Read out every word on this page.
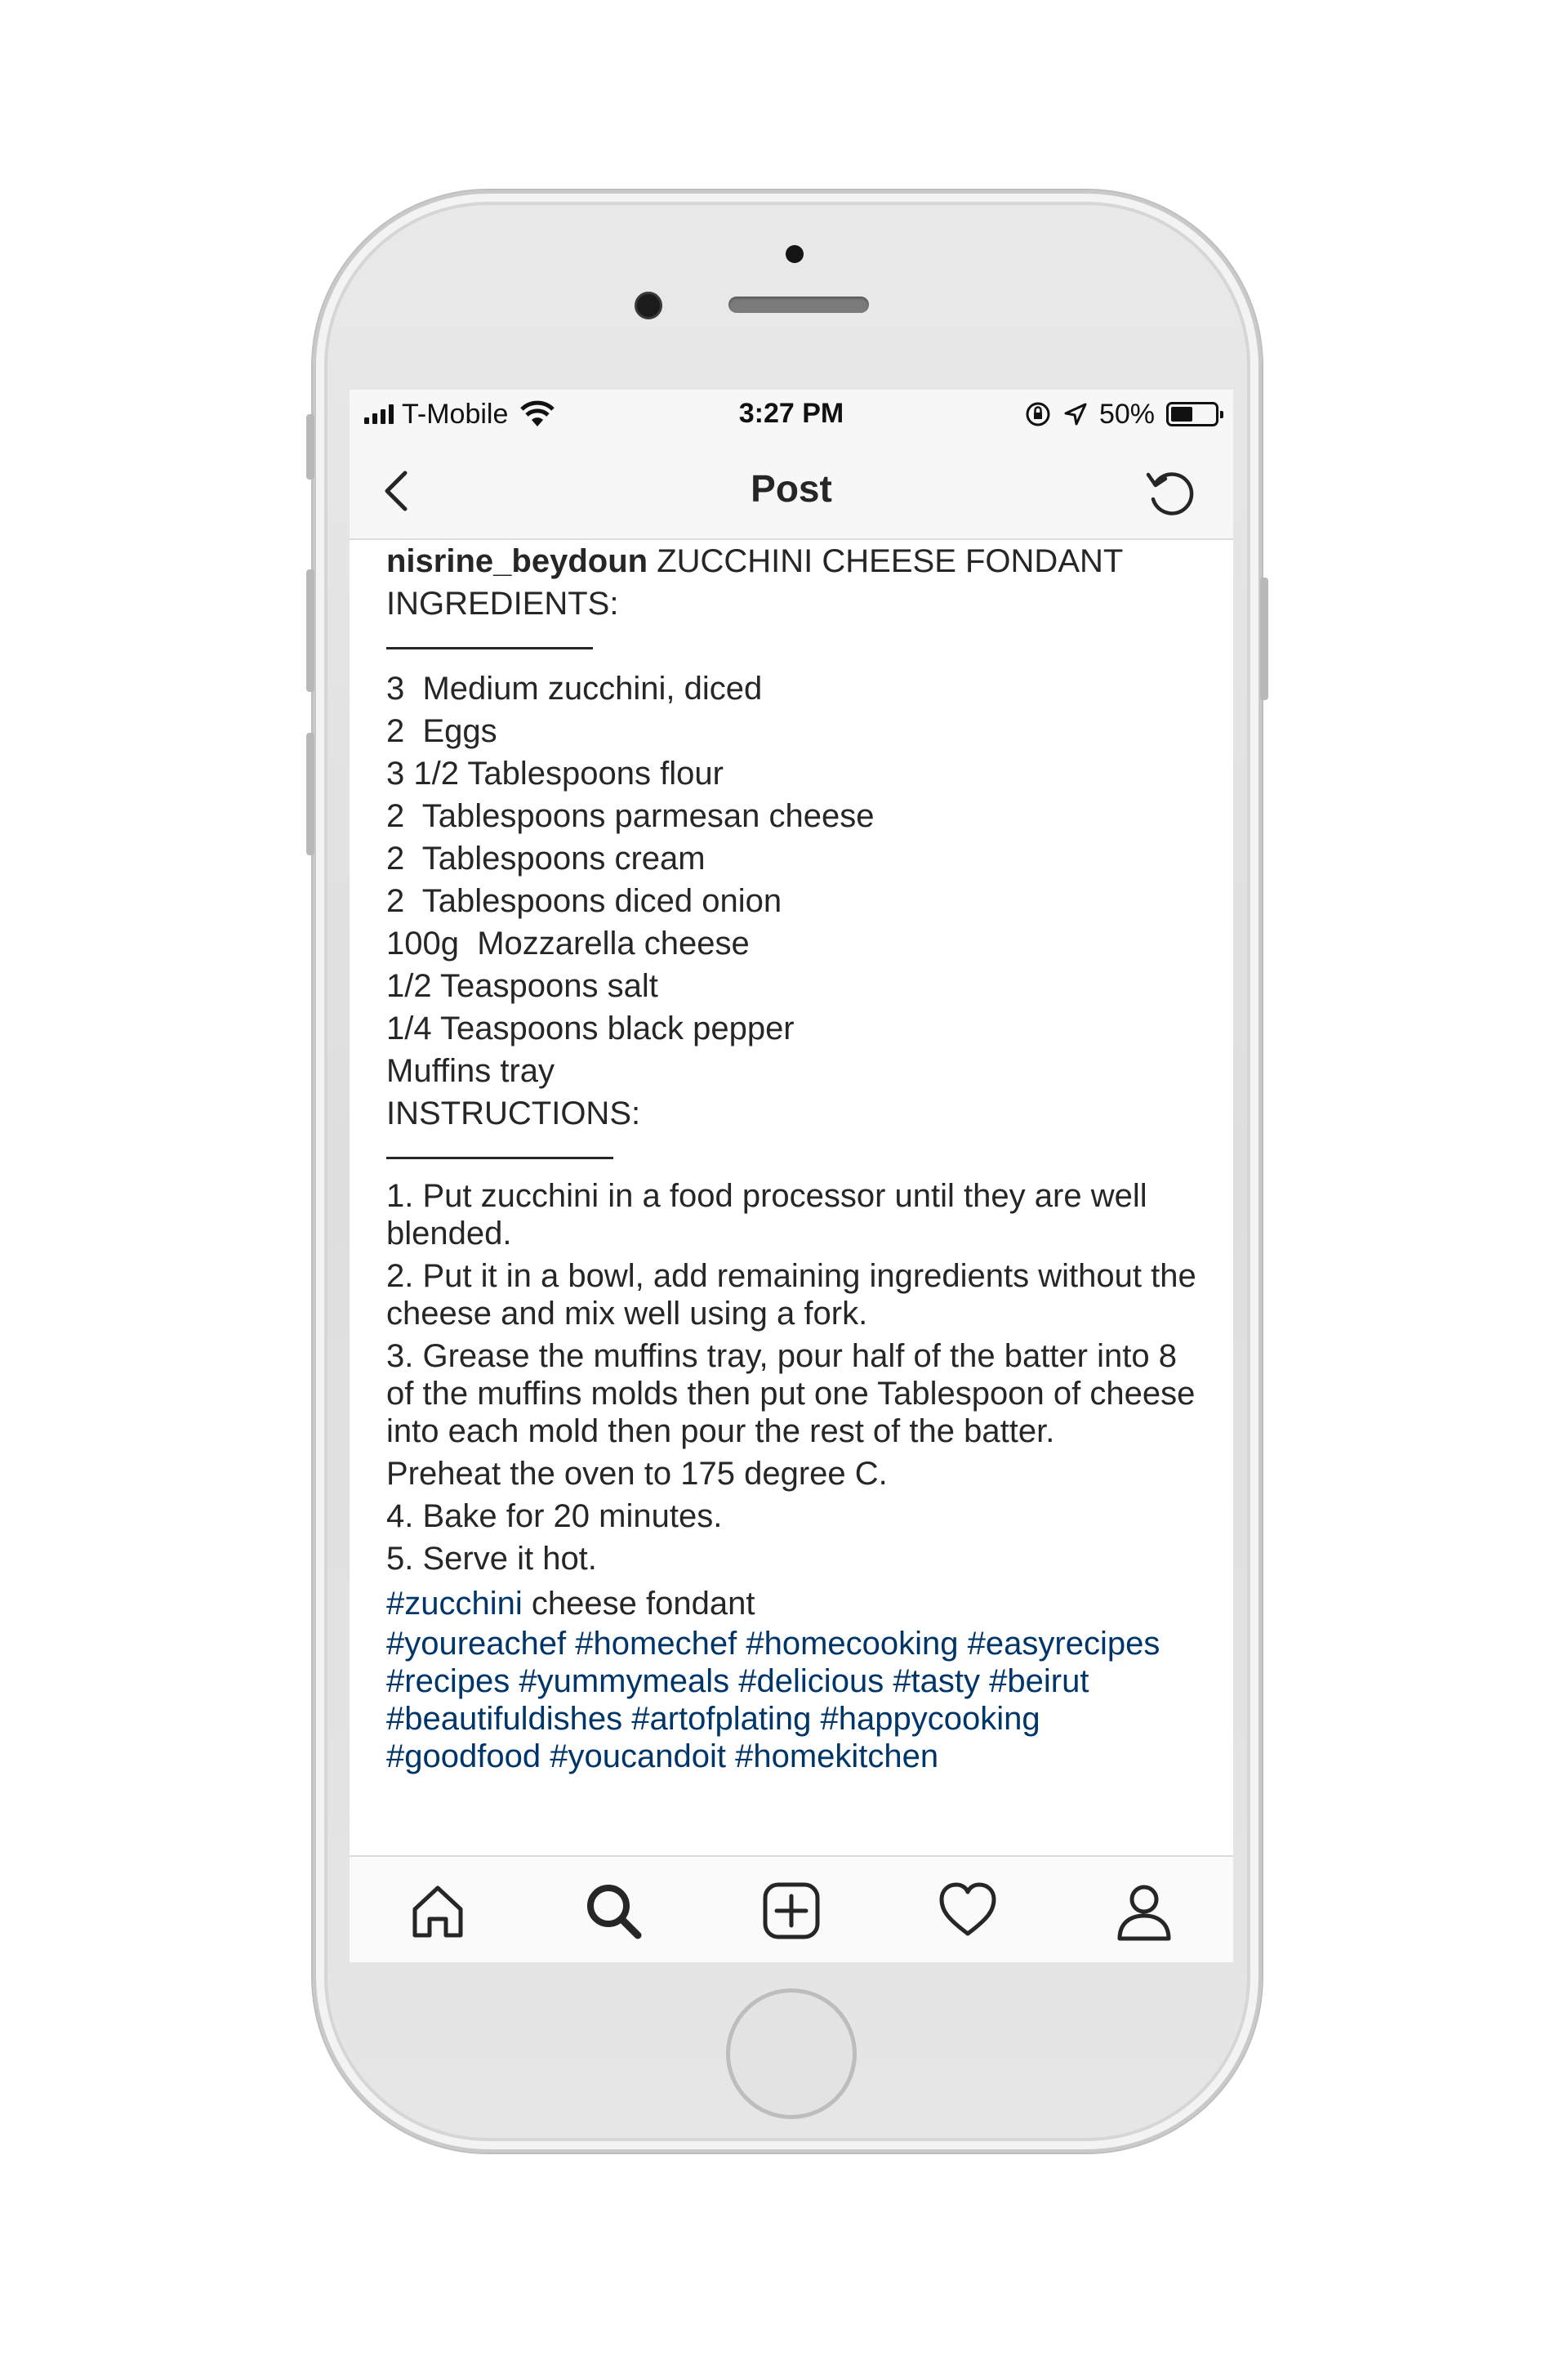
T-Mobile	3:27 PM	50%
Post
nisrine_beydoun ZUCCHINI CHEESE FONDANT
INGREDIENTS:
3  Medium zucchini, diced
2  Eggs
3 1/2 Tablespoons flour
2  Tablespoons parmesan cheese
2  Tablespoons cream
2  Tablespoons diced onion
100g  Mozzarella cheese
1/2 Teaspoons salt
1/4 Teaspoons black pepper
Muffins tray
INSTRUCTIONS:
1. Put zucchini in a food processor until they are well blended.
2. Put it in a bowl, add remaining ingredients without the cheese and mix well using a fork.
3. Grease the muffins tray, pour half of the batter into 8 of the muffins molds then put one Tablespoon of cheese into each mold then pour the rest of the batter.
Preheat the oven to 175 degree C.
4. Bake for 20 minutes.
5. Serve it hot.
#zucchini cheese fondant
#youreachef #homechef #homecooking #easyrecipes #recipes #yummymeals #delicious #tasty #beirut #beautifuldishes #artofplating #happycooking #goodfood #youcandoit #homekitchen
